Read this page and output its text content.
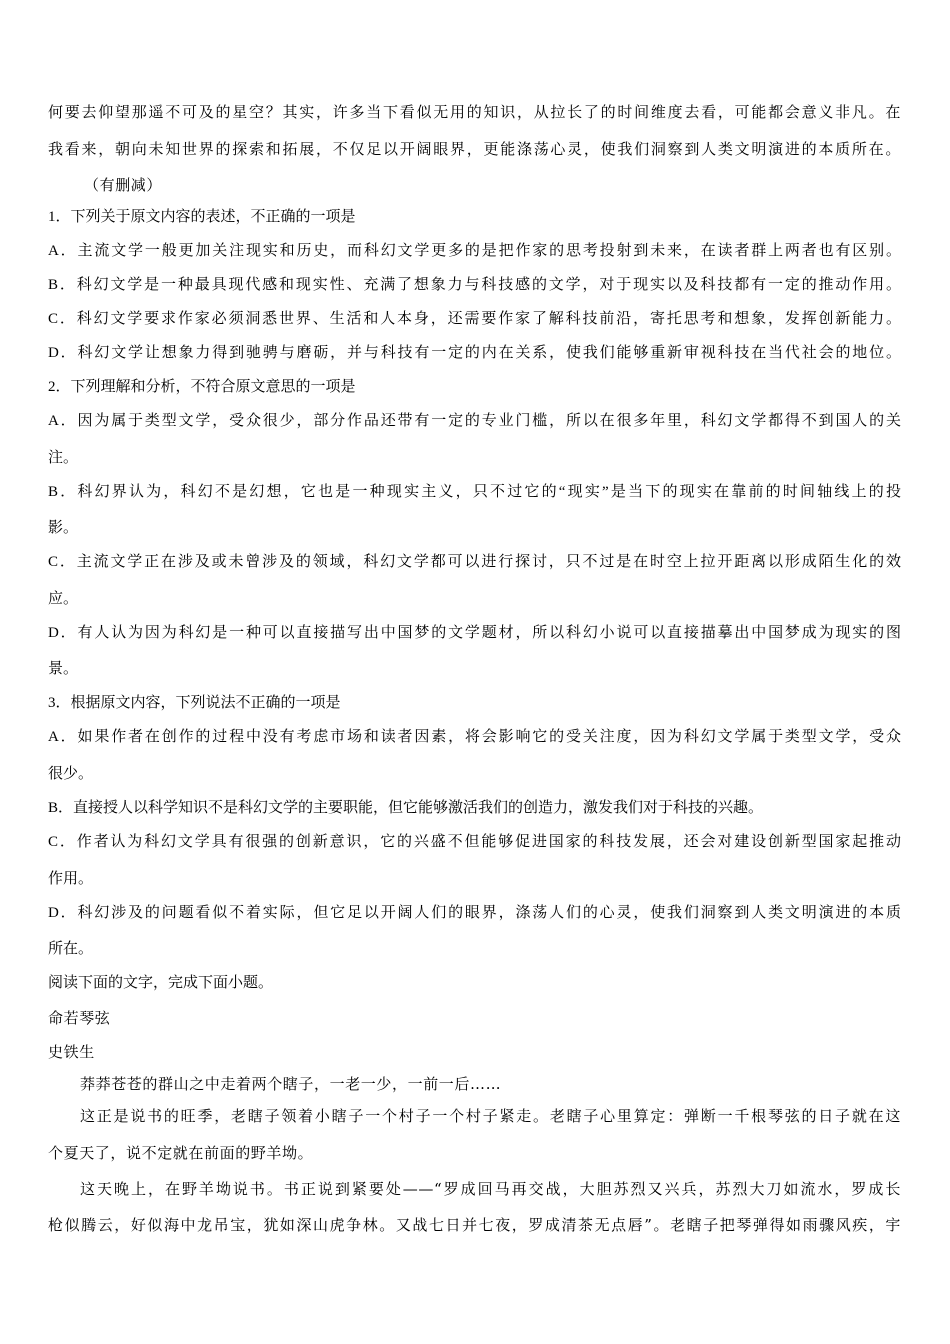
何要去仰望那遥不可及的星空？其实，许多当下看似无用的知识，从拉长了的时间维度去看，可能都会意义非凡。在
我看来，朝向未知世界的探索和拓展，不仅足以开阔眼界，更能涤荡心灵，使我们洞察到人类文明演进的本质所在。
（有删减）
1．下列关于原文内容的表述，不正确的一项是
A．主流文学一般更加关注现实和历史，而科幻文学更多的是把作家的思考投射到未来，在读者群上两者也有区别。
B．科幻文学是一种最具现代感和现实性、充满了想象力与科技感的文学，对于现实以及科技都有一定的推动作用。
C．科幻文学要求作家必须洞悉世界、生活和人本身，还需要作家了解科技前沿，寄托思考和想象，发挥创新能力。
D．科幻文学让想象力得到驰骋与磨砺，并与科技有一定的内在关系，使我们能够重新审视科技在当代社会的地位。
2．下列理解和分析，不符合原文意思的一项是
A．因为属于类型文学，受众很少，部分作品还带有一定的专业门槛，所以在很多年里，科幻文学都得不到国人的关
注。
B．科幻界认为，科幻不是幻想，它也是一种现实主义，只不过它的“现实”是当下的现实在靠前的时间轴线上的投
影。
C．主流文学正在涉及或未曾涉及的领域，科幻文学都可以进行探讨，只不过是在时空上拉开距离以形成陌生化的效
应。
D．有人认为因为科幻是一种可以直接描写出中国梦的文学题材，所以科幻小说可以直接描摹出中国梦成为现实的图
景。
3．根据原文内容，下列说法不正确的一项是
A．如果作者在创作的过程中没有考虑市场和读者因素，将会影响它的受关注度，因为科幻文学属于类型文学，受众
很少。
B．直接授人以科学知识不是科幻文学的主要职能，但它能够激活我们的创造力，激发我们对于科技的兴趣。
C．作者认为科幻文学具有很强的创新意识，它的兴盛不但能够促进国家的科技发展，还会对建设创新型国家起推动
作用。
D．科幻涉及的问题看似不着实际，但它足以开阔人们的眼界，涤荡人们的心灵，使我们洞察到人类文明演进的本质
所在。
阅读下面的文字，完成下面小题。
命若琴弦
史铁生
莽莽苍苍的群山之中走着两个瞎子，一老一少，一前一后……
这正是说书的旺季，老瞎子领着小瞎子一个村子一个村子紧走。老瞎子心里算定：弹断一千根琴弦的日子就在这
个夏天了，说不定就在前面的野羊坳。
这天晚上，在野羊坳说书。书正说到紧要处——“罗成回马再交战，大胆苏烈又兴兵，苏烈大刀如流水，罗成长
枪似腾云，好似海中龙吊宝，犹如深山虎争林。又战七日并七夜，罗成清茶无点唇”。老瞎子把琴弹得如雨骤风疾，宇
